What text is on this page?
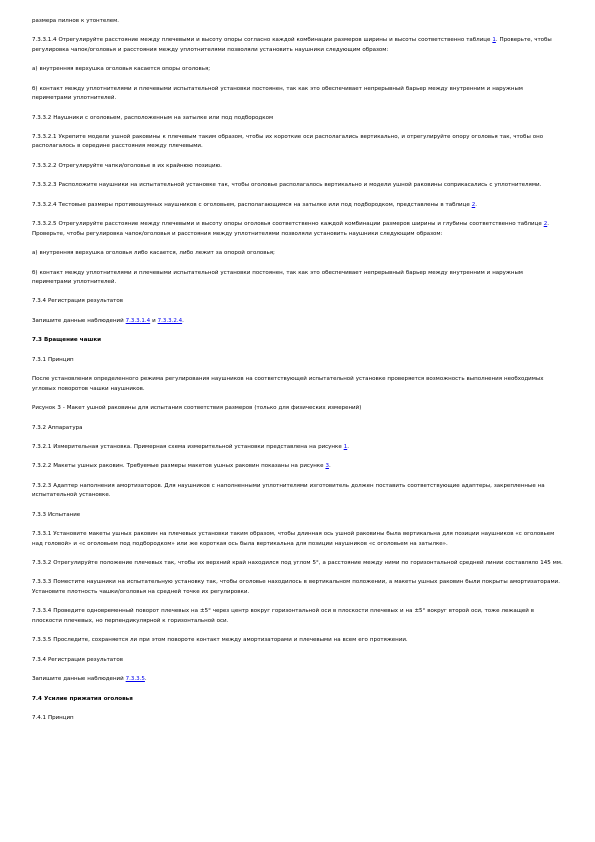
размера пилнов к утонтелем.

7.3.3.1.4 Отрегулируйте расстояние между плечевыми и высоту опоры согласно каждой комбинации размеров ширины и высоты соответственно таблице 1. Проверьте, чтобы регулировка чапок/оголовья и расстояния между уплотнителями позволяли установить наушники следующим образом:

а) внутренняя верхушка оголовья касается опоры оголовья;

б) контакт между уплотнителями и плечевыми испытательной установки постоянен, так как это обеспечивает непрерывный барьер между внутренним и наружным периметрами уплотнителей.

7.3.3.2 Наушники с оголовьем, расположенным на затылке или под подбородком

7.3.3.2.1 Укрепите модели ушной раковины к плечевым таким образом, чтобы их короткие оси располагались вертикально, и отрегулируйте опору оголовья так, чтобы оно располагалось в середине расстояния между плечевыми.

7.3.3.2.2 Отрегулируйте чапки/оголовье в их крайнюю позицию.

7.3.3.2.3 Расположите наушники на испытательной установке так, чтобы оголовье располагалось вертикально и модели ушной раковины соприкасались с уплотнителями.

7.3.3.2.4 Тестовые размеры противошумных наушников с оголовьем, располагающимся на затылке или под подбородком, представлены в таблице 2.

7.3.3.2.5 Отрегулируйте расстояние между плечевыми и высоту опоры оголовья соответственно каждой комбинации размеров ширины и глубины соответственно таблице 2. Проверьте, чтобы регулировка чапок/оголовья и расстояния между уплотнителями позволяли установить наушники следующим образом:

а) внутренняя верхушка оголовья либо касается, либо лежит за опорой оголовья;

б) контакт между уплотнителями и плечевыми испытательной установки постоянен, так как это обеспечивает непрерывный барьер между внутренним и наружным периметрами уплотнителей.

7.3.4 Регистрация результатов

Запишите данные наблюдений 7.3.3.1.4 и 7.3.3.2.4.

7.3 Вращение чашки

7.3.1 Принцип

После установления определенного режима регулирования наушников на соответствующей испытательной установке проверяется возможность выполнения необходимых угловых поворотов чашки наушников.

Рисунок 3 - Макет ушной раковины для испытания соответствия размеров (только для физических измерений)

7.3.2 Аппаратура

7.3.2.1 Измерительная установка. Примерная схема измерительной установки представлена на рисунке 1.

7.3.2.2 Макеты ушных раковин. Требуемые размеры макетов ушных раковин показаны на рисунке 3.

7.3.2.3 Адаптер наполнения амортизаторов. Для наушников с наполненными уплотнителями изготовитель должен поставить соответствующие адаптеры, закрепленные на испытательной установке.

7.3.3 Испытание

7.3.3.1 Установите макеты ушных раковин на плечевых установки таким образом, чтобы длинная ось ушной раковины была вертикальна для позиции наушников «с оголовьем над головой» и «с оголовьем под подбородком» или же короткая ось была вертикальна для позиции наушников «с оголовьем на затылке».

7.3.3.2 Отрегулируйте положение плечевых так, чтобы их верхний край находился под углом 5°, а расстояние между ними по горизонтальной средней линии составляло 145 мм.

7.3.3.3 Поместите наушники на испытательную установку так, чтобы оголовье находилось в вертикальном положении, а макеты ушных раковин были покрыты амортизаторами. Установите плотность чашки/оголовья на средней точке их регулировки.

7.3.3.4 Проведите одновременный поворот плечевых на ±5° через центр вокруг горизонтальной оси в плоскости плечевых и на ±5° вокруг второй оси, тоже лежащей в плоскости плечевых, но перпендикулярной к горизонтальной оси.

7.3.3.5 Проследите, сохраняется ли при этом повороте контакт между амортизаторами и плечевыми на всем его протяжении.

7.3.4 Регистрация результатов

Запишите данные наблюдений 7.3.3.5.

7.4 Усилие прижатия оголовья

7.4.1 Принцип
